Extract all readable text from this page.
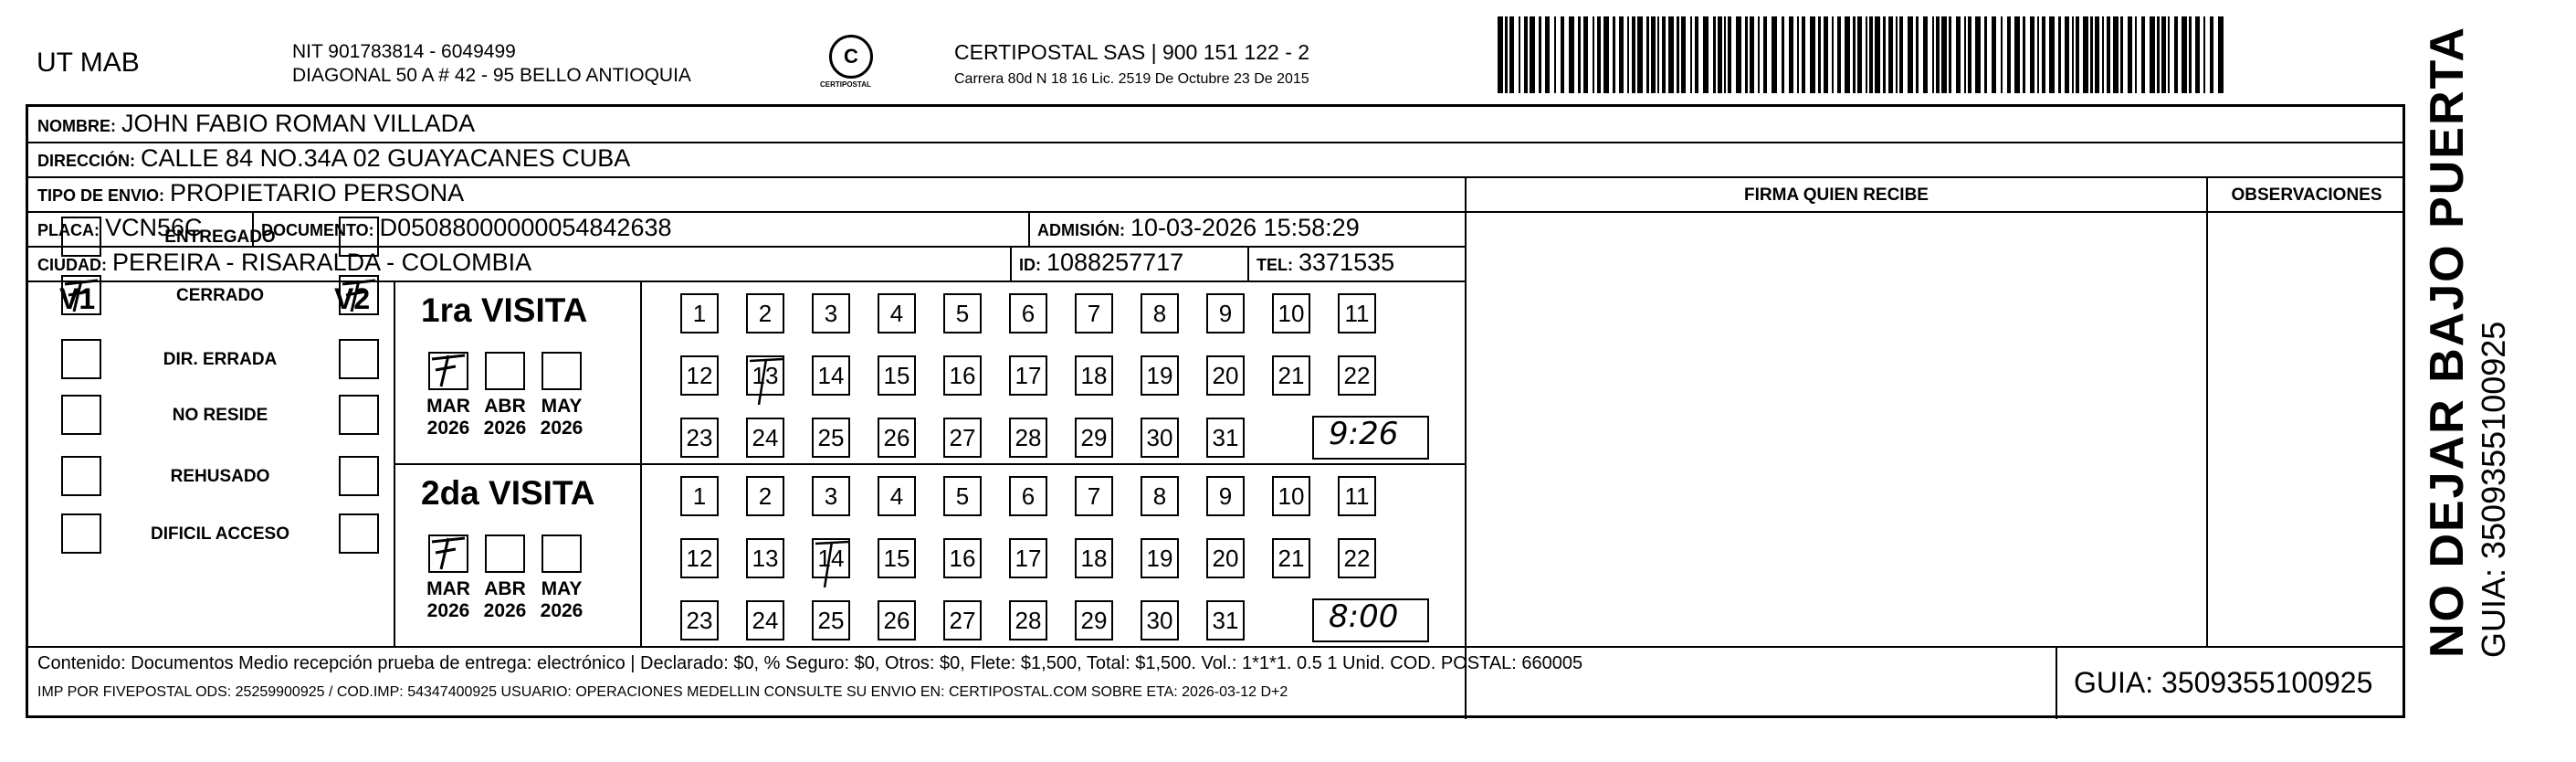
UT MAB	NIT 901783814 - 6049499
DIAGONAL 50 A # 42 - 95 BELLO ANTIOQUIA
C
CERTIPOSTAL
CERTIPOSTAL SAS | 900 151 122 - 2
Carrera 80d N 18 16 Lic. 2519 De Octubre 23 De 2015
NOMBRE: JOHN FABIO ROMAN VILLADA
DIRECCIÓN: CALLE 84 NO.34A 02 GUAYACANES CUBA
TIPO DE ENVIO: PROPIETARIO PERSONA	FIRMA QUIEN RECIBE	OBSERVACIONES
PLACA: VCN56C	DOCUMENTO: D05088000000054842638	ADMISIÓN: 10-03-2026 15:58:29
CIUDAD: PEREIRA - RISARALDA - COLOMBIA	ID: 1088257717	TEL: 3371535
V1	V2
ENTREGADO
CERRADO
DIR. ERRADA
NO RESIDE
REHUSADO
DIFICIL ACCESO
1ra VISITA
MAR
2026
ABR
2026
MAY
2026
1	2	3	4	5	6	7	8	9	10 11
12 13 14 15 16 17 18 19 20 21 22
23 24 25 26 27 28 29 30 31	9:26
2da VISITA
MAR
2026
ABR
2026
MAY
2026
1	2	3	4	5	6	7	8	9	10 11
12 13 14 15 16 17 18 19 20 21 22
23 24 25 26 27 28 29 30 31	8:00
Contenido: Documentos Medio recepción prueba de entrega: electrónico | Declarado: $0, % Seguro: $0, Otros: $0, Flete: $1,500, Total: $1,500. Vol.: 1*1*1. 0.5 1 Unid. COD. POSTAL: 660005
IMP POR FIVEPOSTAL ODS: 25259900925 / COD.IMP: 54347400925 USUARIO: OPERACIONES MEDELLIN CONSULTE SU ENVIO EN: CERTIPOSTAL.COM SOBRE ETA: 2026-03-12 D+2	GUIA: 3509355100925
NO DEJAR BAJO PUERTA GUIA: 3509355100925
